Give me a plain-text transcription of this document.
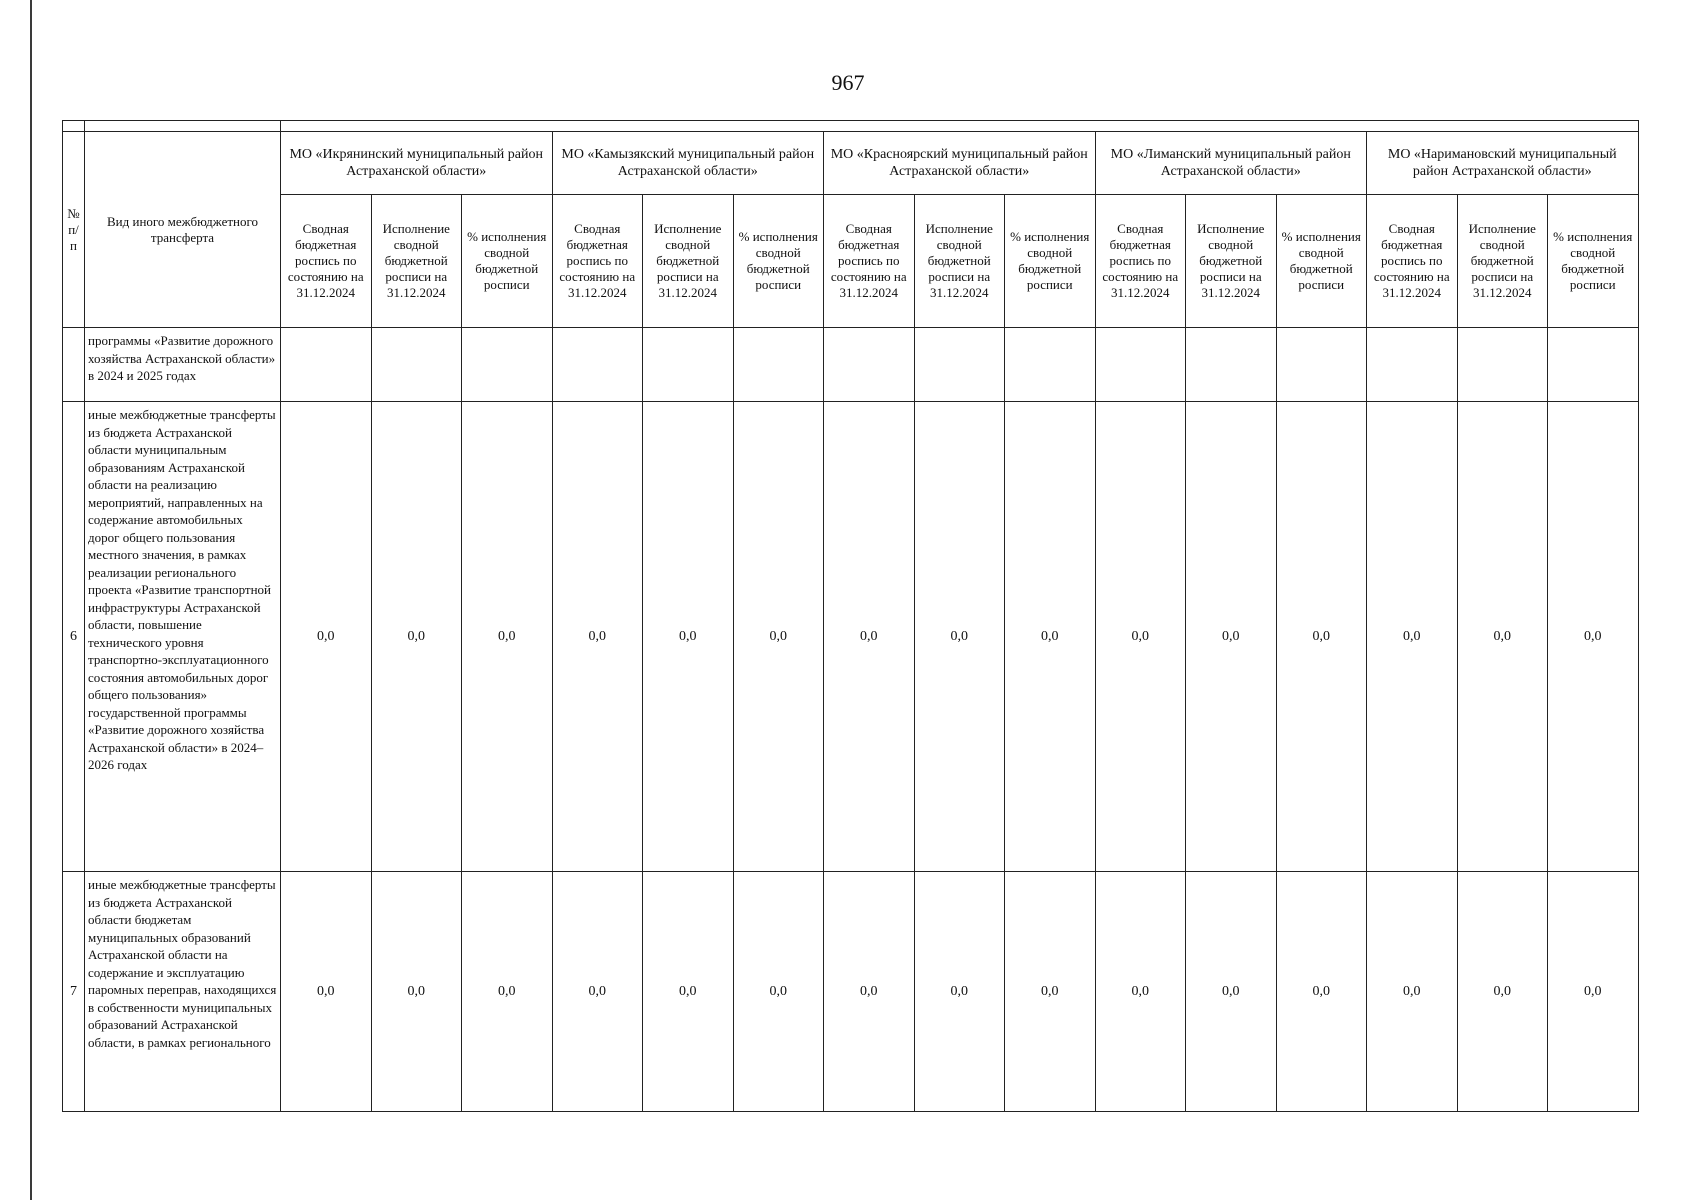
967

№ п/п	Вид иного межбюджетного трансферта	МО «Икрянинский муниципальный район Астраханской области»			МО «Камызякский муниципальный район Астраханской области»			МО «Красноярский муниципальный район Астраханской области»			МО «Лиманский муниципальный район Астраханской области»			МО «Наримановский муниципальный район Астраханской области»		
		Сводная бюджетная роспись по состоянию на 31.12.2024	Исполнение сводной бюджетной росписи на 31.12.2024	% исполнения сводной бюджетной росписи	Сводная бюджетная роспись по состоянию на 31.12.2024	Исполнение сводной бюджетной росписи на 31.12.2024	% исполнения сводной бюджетной росписи	Сводная бюджетная роспись по состоянию на 31.12.2024	Исполнение сводной бюджетной росписи на 31.12.2024	% исполнения сводной бюджетной росписи	Сводная бюджетная роспись по состоянию на 31.12.2024	Исполнение сводной бюджетной росписи на 31.12.2024	% исполнения сводной бюджетной росписи	Сводная бюджетная роспись по состоянию на 31.12.2024	Исполнение сводной бюджетной росписи на 31.12.2024	% исполнения сводной бюджетной росписи
	программы «Развитие дорожного хозяйства Астраханской области» в 2024 и 2025 годах															
6	иные межбюджетные трансферты из бюджета Астраханской области муниципальным образованиям Астраханской области на реализацию мероприятий, направленных на содержание автомобильных дорог общего пользования местного значения, в рамках реализации регионального проекта «Развитие транспортной инфраструктуры Астраханской области, повышение технического уровня транспортно-эксплуатационного состояния автомобильных дорог общего пользования» государственной программы «Развитие дорожного хозяйства Астраханской области» в 2024–2026 годах	0,0	0,0	0,0	0,0	0,0	0,0	0,0	0,0	0,0	0,0	0,0	0,0	0,0	0,0	0,0
7	иные межбюджетные трансферты из бюджета Астраханской области бюджетам муниципальных образований Астраханской области на содержание и эксплуатацию паромных переправ, находящихся в собственности муниципальных образований Астраханской области, в рамках регионального	0,0	0,0	0,0	0,0	0,0	0,0	0,0	0,0	0,0	0,0	0,0	0,0	0,0	0,0	0,0
